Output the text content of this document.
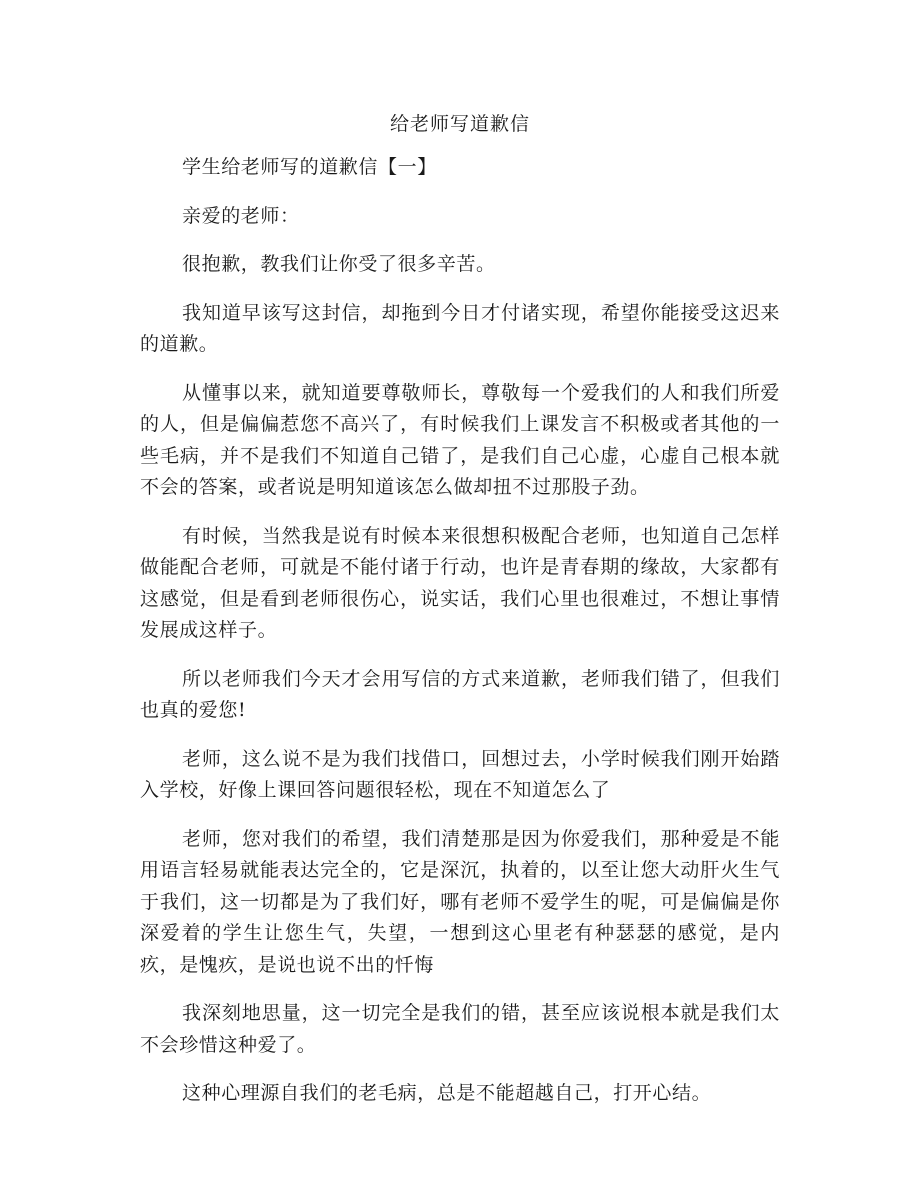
给老师写道歉信

学生给老师写的道歉信【一】

亲爱的老师：

很抱歉，教我们让你受了很多辛苦。

我知道早该写这封信，却拖到今日才付诸实现，希望你能接受这迟来的道歉。

从懂事以来，就知道要尊敬师长，尊敬每一个爱我们的人和我们所爱的人，但是偏偏惹您不高兴了，有时候我们上课发言不积极或者其他的一些毛病，并不是我们不知道自己错了，是我们自己心虚，心虚自己根本就不会的答案，或者说是明知道该怎么做却扭不过那股子劲。

有时候，当然我是说有时候本来很想积极配合老师，也知道自己怎样做能配合老师，可就是不能付诸于行动，也许是青春期的缘故，大家都有这感觉，但是看到老师很伤心，说实话，我们心里也很难过，不想让事情发展成这样子。

所以老师我们今天才会用写信的方式来道歉，老师我们错了，但我们也真的爱您!

老师，这么说不是为我们找借口，回想过去，小学时候我们刚开始踏入学校，好像上课回答问题很轻松，现在不知道怎么了

老师，您对我们的希望，我们清楚那是因为你爱我们，那种爱是不能用语言轻易就能表达完全的，它是深沉，执着的，以至让您大动肝火生气于我们，这一切都是为了我们好，哪有老师不爱学生的呢，可是偏偏是你深爱着的学生让您生气，失望，一想到这心里老有种瑟瑟的感觉，是内疚，是愧疚，是说也说不出的忏悔

我深刻地思量，这一切完全是我们的错，甚至应该说根本就是我们太不会珍惜这种爱了。

这种心理源自我们的老毛病，总是不能超越自己，打开心结。
